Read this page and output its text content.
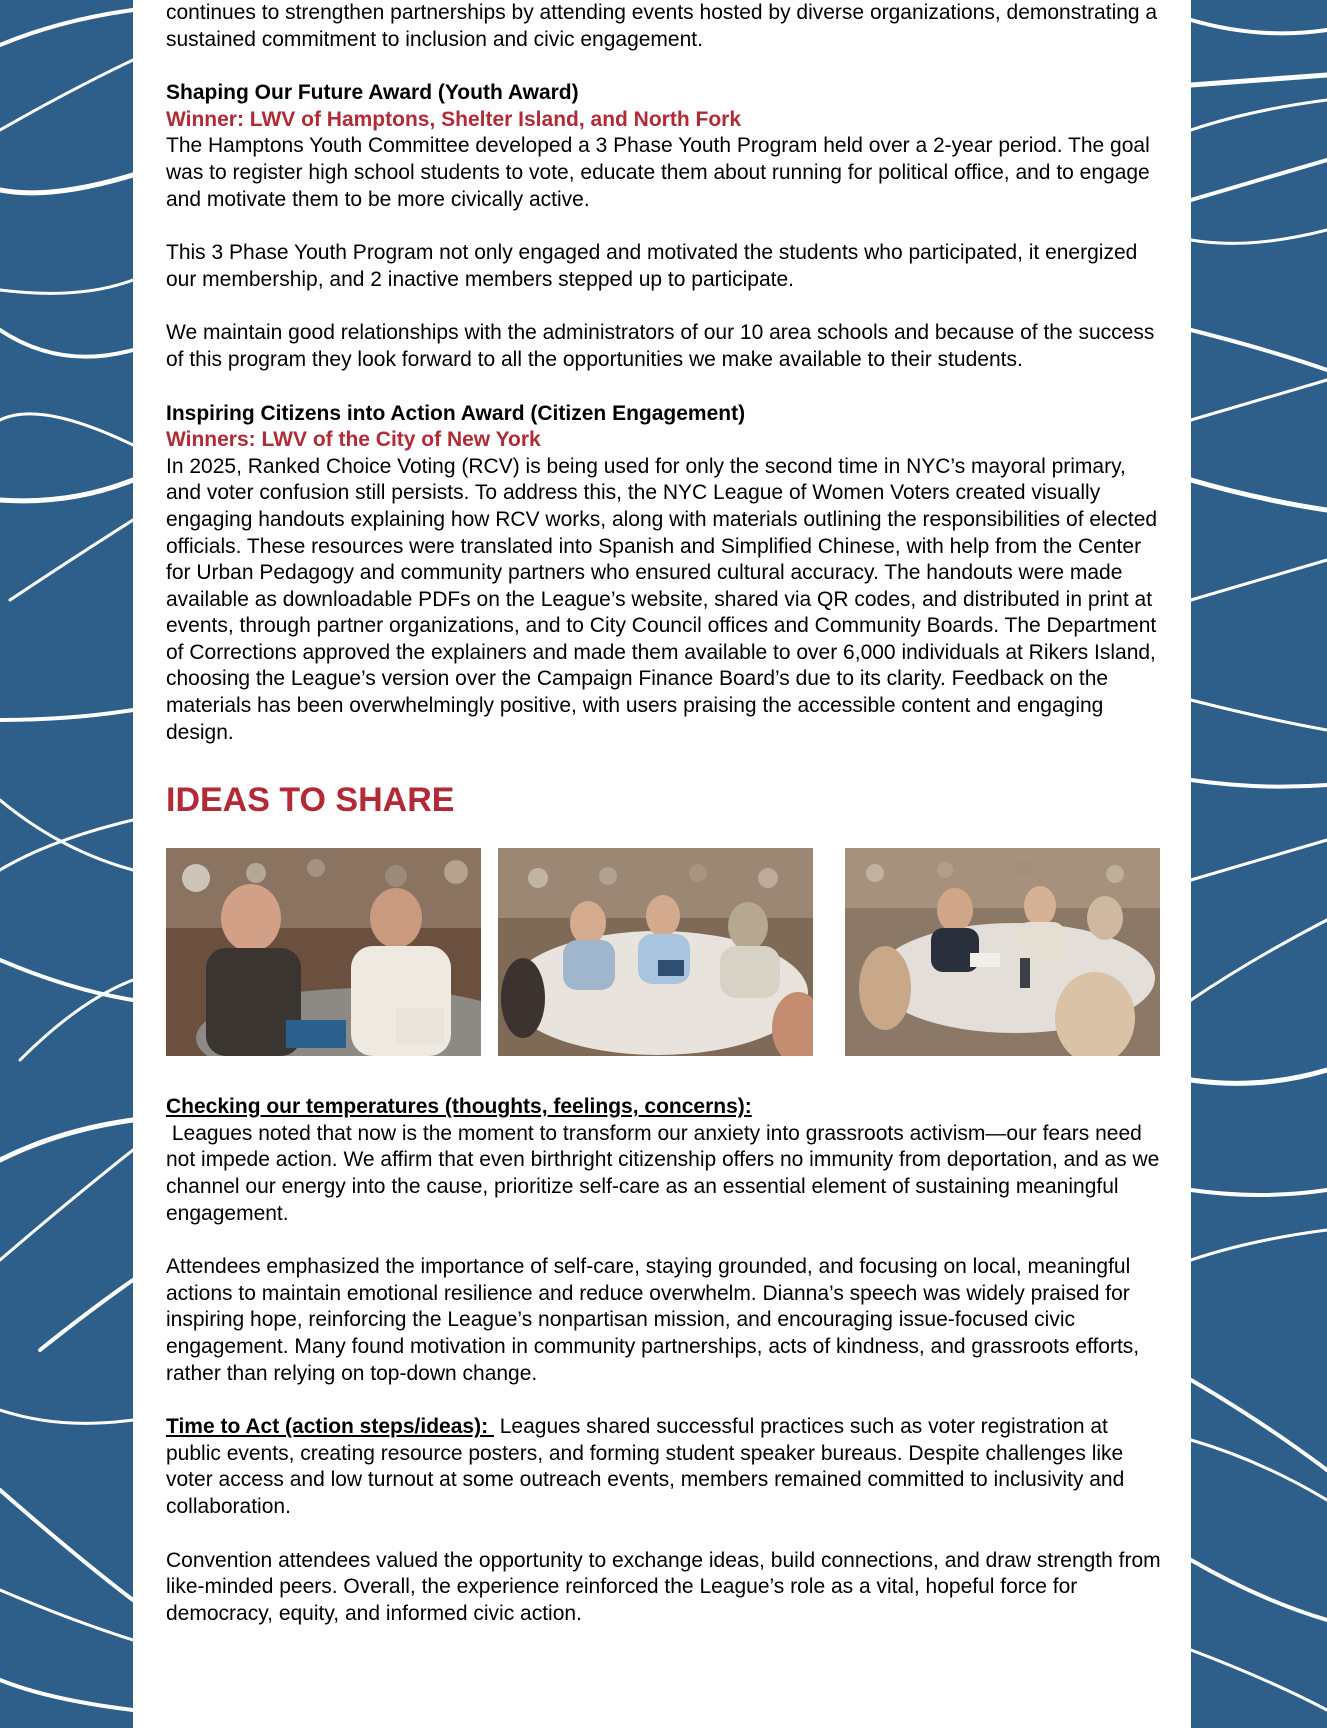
continues to strengthen partnerships by attending events hosted by diverse organizations, demonstrating a sustained commitment to inclusion and civic engagement.

Shaping Our Future Award (Youth Award)

Winner: LWV of Hamptons, Shelter Island, and North Fork

The Hamptons Youth Committee developed a 3 Phase Youth Program held over a 2-year period. The goal was to register high school students to vote, educate them about running for political office, and to engage and motivate them to be more civically active.

This 3 Phase Youth Program not only engaged and motivated the students who participated, it energized our membership, and 2 inactive members stepped up to participate.

We maintain good relationships with the administrators of our 10 area schools and because of the success of this program they look forward to all the opportunities we make available to their students.

Inspiring Citizens into Action Award (Citizen Engagement)

Winners: LWV of the City of New York

In 2025, Ranked Choice Voting (RCV) is being used for only the second time in NYC’s mayoral primary, and voter confusion still persists. To address this, the NYC League of Women Voters created visually engaging handouts explaining how RCV works, along with materials outlining the responsibilities of elected officials. These resources were translated into Spanish and Simplified Chinese, with help from the Center for Urban Pedagogy and community partners who ensured cultural accuracy. The handouts were made available as downloadable PDFs on the League’s website, shared via QR codes, and distributed in print at events, through partner organizations, and to City Council offices and Community Boards. The Department of Corrections approved the explainers and made them available to over 6,000 individuals at Rikers Island, choosing the League’s version over the Campaign Finance Board’s due to its clarity. Feedback on the materials has been overwhelmingly positive, with users praising the accessible content and engaging design.

IDEAS TO SHARE

Checking our temperatures (thoughts, feelings, concerns):

Leagues noted that now is the moment to transform our anxiety into grassroots activism—our fears need not impede action. We affirm that even birthright citizenship offers no immunity from deportation, and as we channel our energy into the cause, prioritize self-care as an essential element of sustaining meaningful engagement.

Attendees emphasized the importance of self-care, staying grounded, and focusing on local, meaningful actions to maintain emotional resilience and reduce overwhelm. Dianna’s speech was widely praised for inspiring hope, reinforcing the League’s nonpartisan mission, and encouraging issue-focused civic engagement. Many found motivation in community partnerships, acts of kindness, and grassroots efforts, rather than relying on top-down change.

Time to Act (action steps/ideas):  Leagues shared successful practices such as voter registration at public events, creating resource posters, and forming student speaker bureaus. Despite challenges like voter access and low turnout at some outreach events, members remained committed to inclusivity and collaboration.

Convention attendees valued the opportunity to exchange ideas, build connections, and draw strength from like-minded peers. Overall, the experience reinforced the League’s role as a vital, hopeful force for democracy, equity, and informed civic action.
